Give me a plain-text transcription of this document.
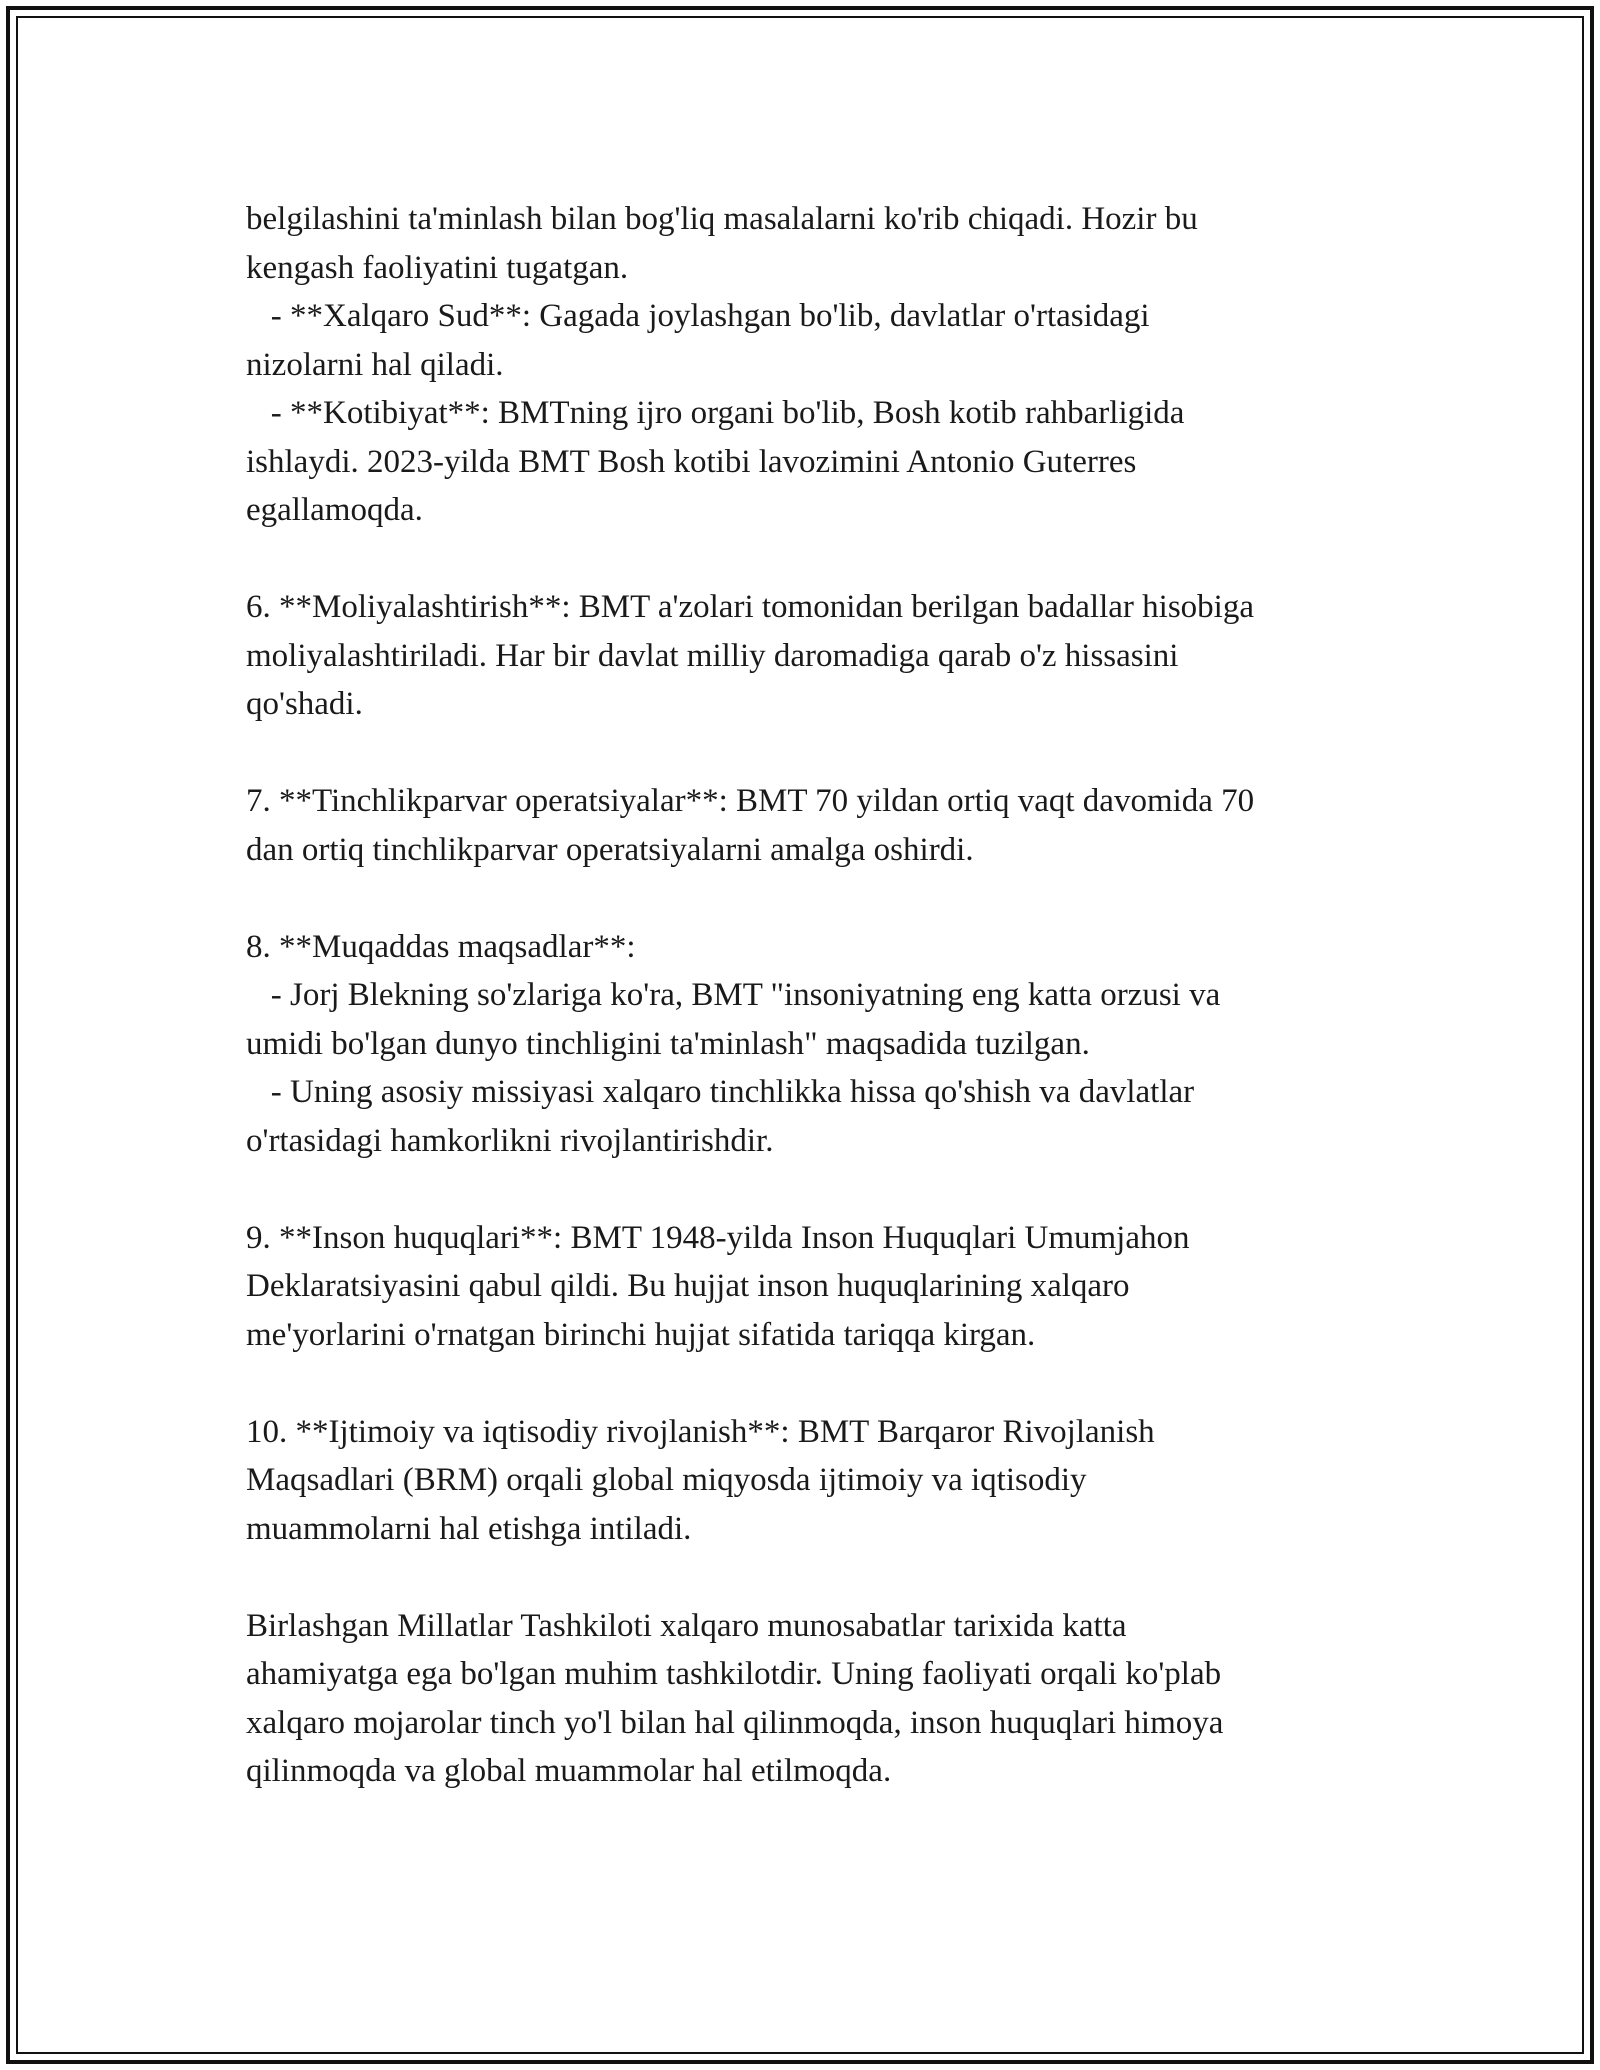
belgilashini ta'minlash bilan bog'liq masalalarni ko'rib chiqadi. Hozir bu

kengash faoliyatini tugatgan.

- **Xalqaro Sud**: Gagada joylashgan bo'lib, davlatlar o'rtasidagi

nizolarni hal qiladi.

- **Kotibiyat**: BMTning ijro organi bo'lib, Bosh kotib rahbarligida

ishlaydi. 2023-yilda BMT Bosh kotibi lavozimini Antonio Guterres

egallamoqda.

6. **Moliyalashtirish**: BMT a'zolari tomonidan berilgan badallar hisobiga

moliyalashtiriladi. Har bir davlat milliy daromadiga qarab o'z hissasini

qo'shadi.

7. **Tinchlikparvar operatsiyalar**: BMT 70 yildan ortiq vaqt davomida 70

dan ortiq tinchlikparvar operatsiyalarni amalga oshirdi.

8. **Muqaddas maqsadlar**:

- Jorj Blekning so'zlariga ko'ra, BMT "insoniyatning eng katta orzusi va

umidi bo'lgan dunyo tinchligini ta'minlash" maqsadida tuzilgan.

- Uning asosiy missiyasi xalqaro tinchlikka hissa qo'shish va davlatlar

o'rtasidagi hamkorlikni rivojlantirishdir.

9. **Inson huquqlari**: BMT 1948-yilda Inson Huquqlari Umumjahon

Deklaratsiyasini qabul qildi. Bu hujjat inson huquqlarining xalqaro

me'yorlarini o'rnatgan birinchi hujjat sifatida tariqqa kirgan.

10. **Ijtimoiy va iqtisodiy rivojlanish**: BMT Barqaror Rivojlanish

Maqsadlari (BRM) orqali global miqyosda ijtimoiy va iqtisodiy

muammolarni hal etishga intiladi.

Birlashgan Millatlar Tashkiloti xalqaro munosabatlar tarixida katta

ahamiyatga ega bo'lgan muhim tashkilotdir. Uning faoliyati orqali ko'plab

xalqaro mojarolar tinch yo'l bilan hal qilinmoqda, inson huquqlari himoya

qilinmoqda va global muammolar hal etilmoqda.
